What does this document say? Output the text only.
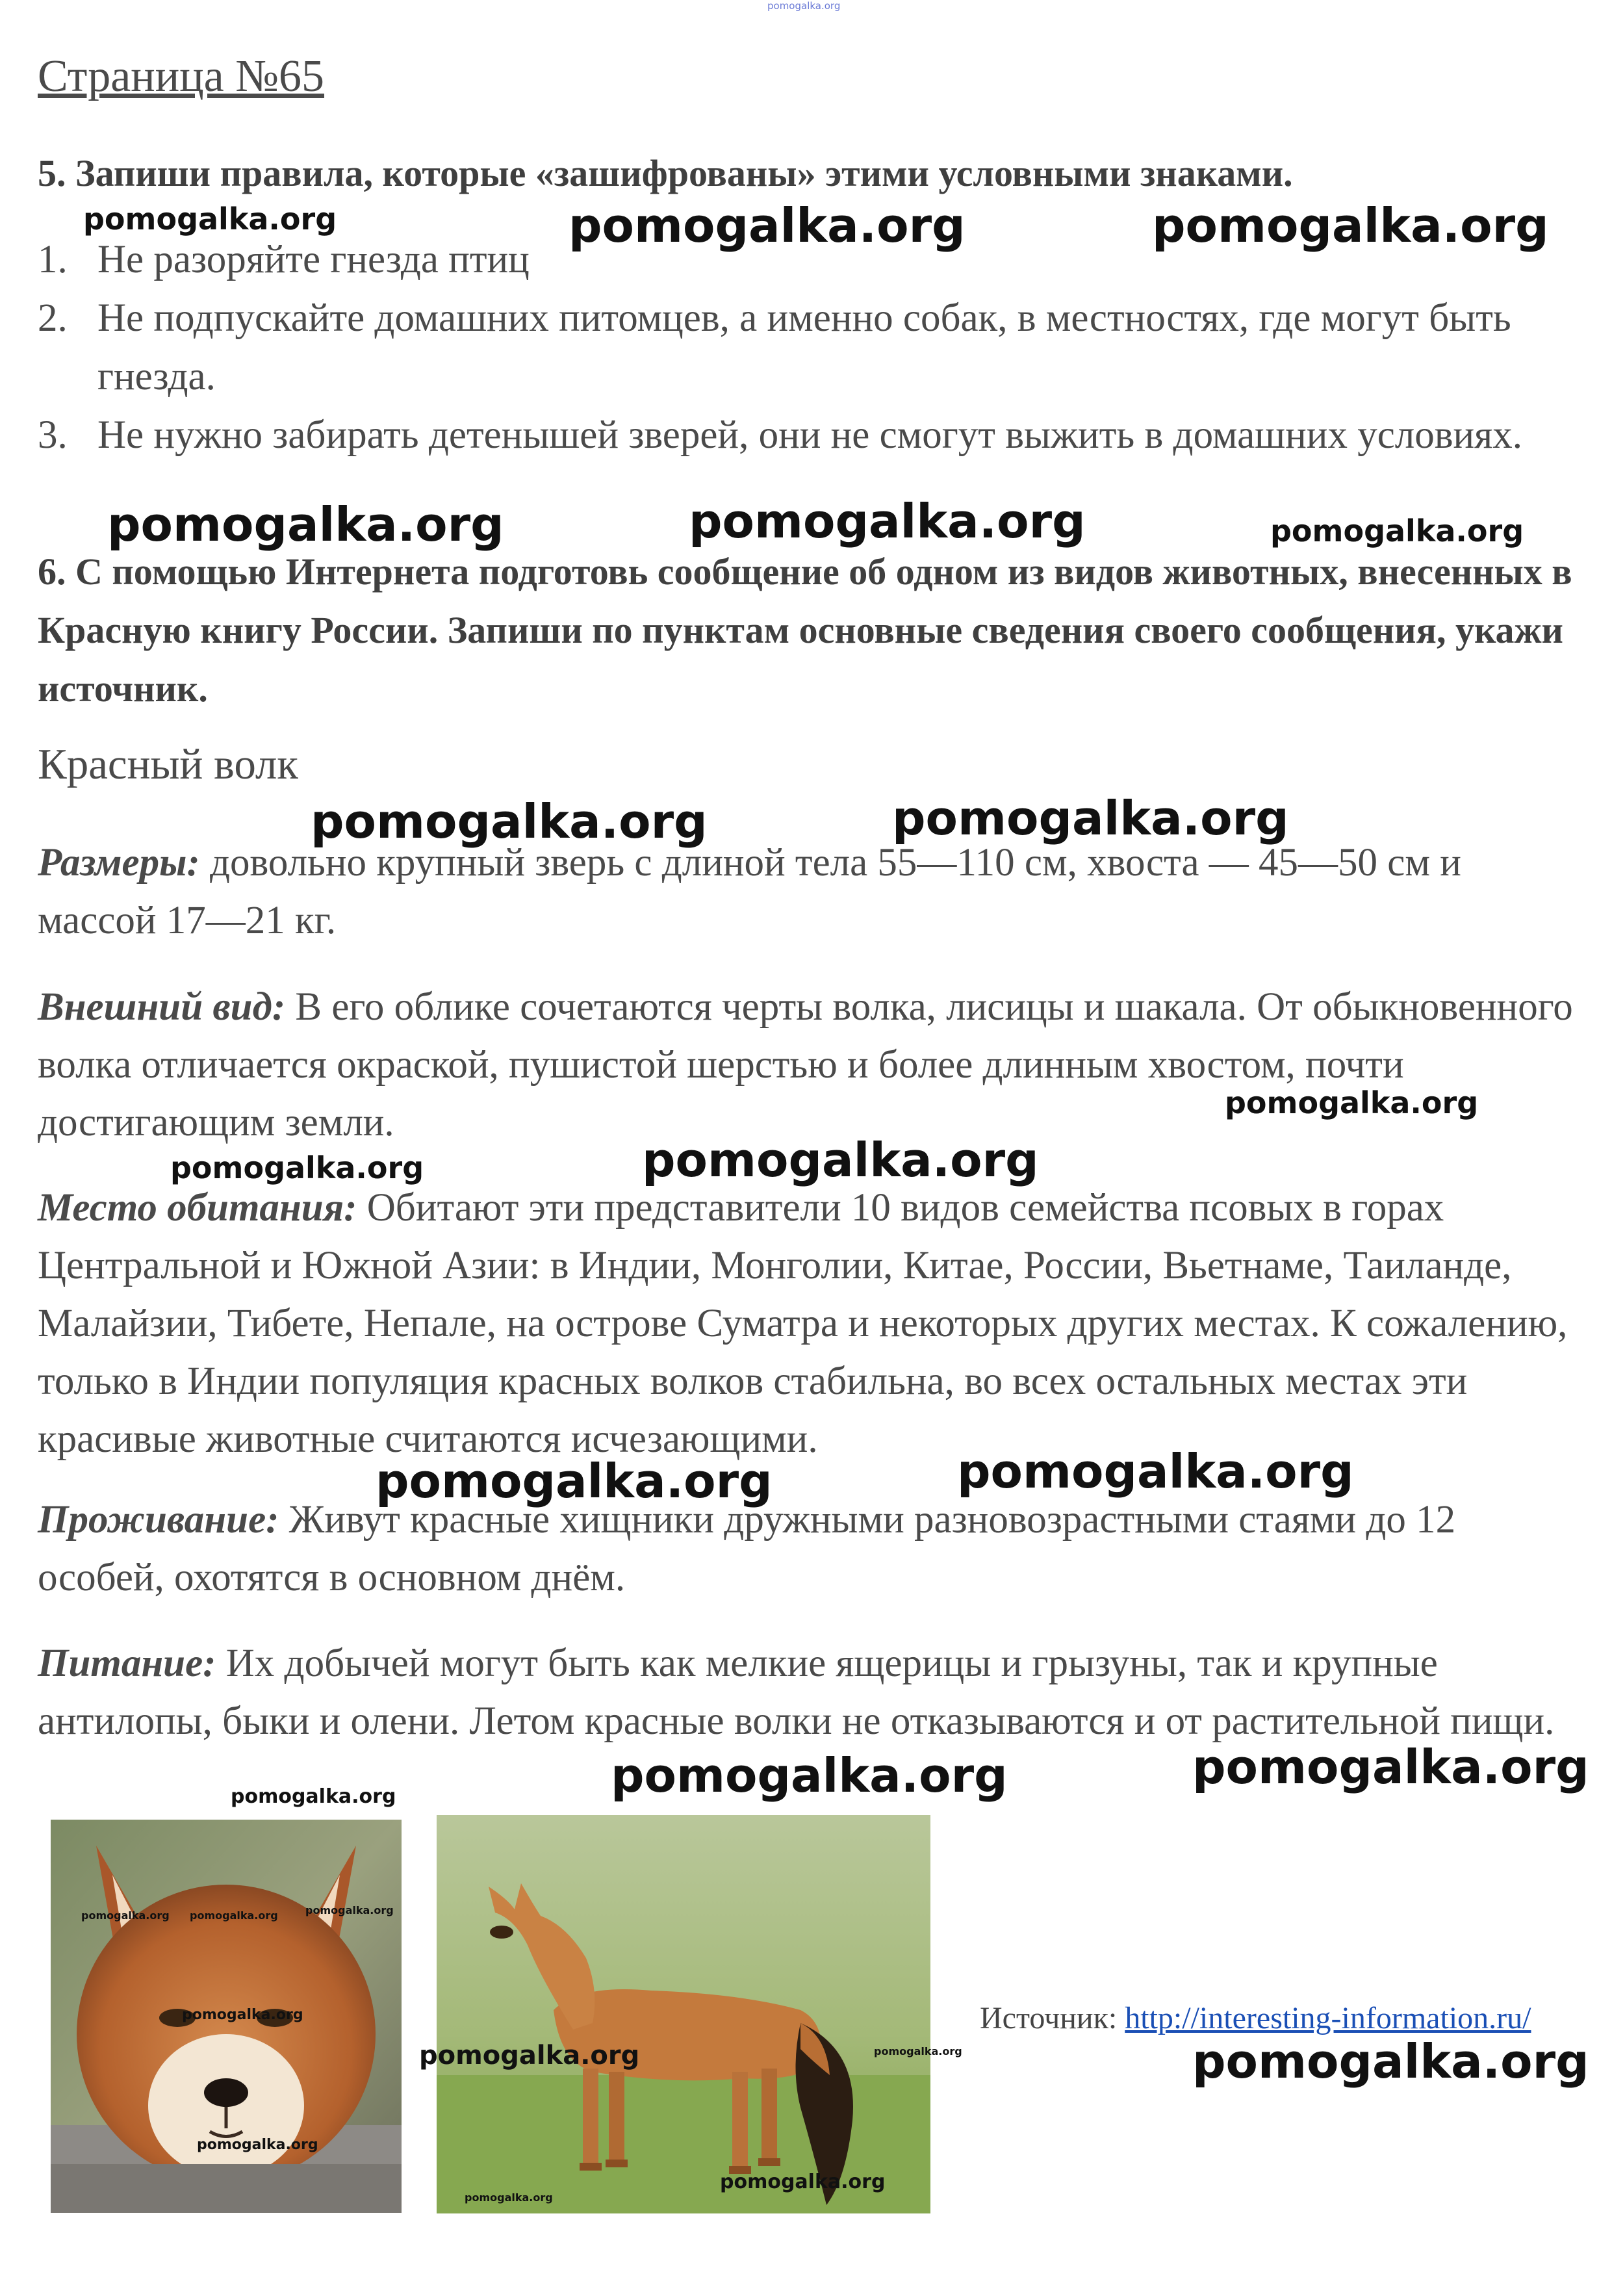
pomogalka.org
Страница №65
5. Запиши правила, которые «зашифрованы» этими условными знаками.
1. Не разоряйте гнезда птиц
2. Не подпускайте домашних питомцев, а именно собак, в местностях, где могут быть гнезда.
3. Не нужно забирать детенышей зверей, они не смогут выжить в домашних условиях.
6. С помощью Интернета подготовь сообщение об одном из видов животных, внесенных в Красную книгу России. Запиши по пунктам основные сведения своего сообщения, укажи источник.
Красный волк
Размеры: довольно крупный зверь с длиной тела 55—110 см, хвоста — 45—50 см и массой 17—21 кг.
Внешний вид: В его облике сочетаются черты волка, лисицы и шакала. От обыкновенного волка отличается окраской, пушистой шерстью и более длинным хвостом, почти достигающим земли.
Место обитания: Обитают эти представители 10 видов семейства псовых в горах Центральной и Южной Азии: в Индии, Монголии, Китае, России, Вьетнаме, Таиланде, Малайзии, Тибете, Непале, на острове Суматра и некоторых других местах. К сожалению, только в Индии популяция красных волков стабильна, во всех остальных местах эти красивые животные считаются исчезающими.
Проживание: Живут красные хищники дружными разновозрастными стаями до 12 особей, охотятся в основном днём.
Питание: Их добычей могут быть как мелкие ящерицы и грызуны, так и крупные антилопы, быки и олени. Летом красные волки не отказываются и от растительной пищи.
Источник: http://interesting-information.ru/
pomogalka.org	pomogalka.org	pomogalka.org
pomogalka.org	pomogalka.org	pomogalka.org
pomogalka.org	pomogalka.org
pomogalka.org
pomogalka.org	pomogalka.org
pomogalka.org	pomogalka.org
pomogalka.org	pomogalka.org
pomogalka.org
pomogalka.org pomogalka.org	pomogalka.org
pomogalka.org
pomogalka.org	pomogalka.org
pomogalka.org
pomogalka.org
pomogalka.org
pomogalka.org
